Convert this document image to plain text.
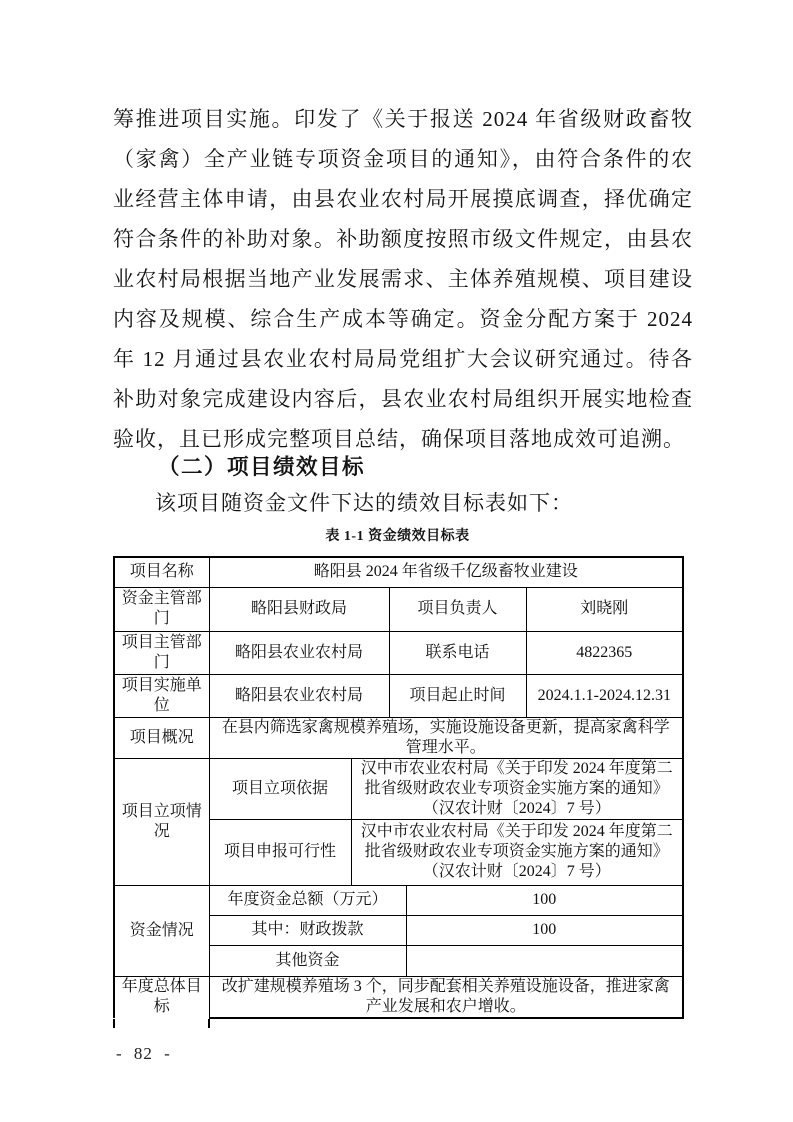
筹推进项目实施。印发了《关于报送 2024 年省级财政畜牧（家禽）全产业链专项资金项目的通知》，由符合条件的农业经营主体申请，由县农业农村局开展摸底调查，择优确定符合条件的补助对象。补助额度按照市级文件规定，由县农业农村局根据当地产业发展需求、主体养殖规模、项目建设内容及规模、综合生产成本等确定。资金分配方案于 2024 年 12 月通过县农业农村局局党组扩大会议研究通过。待各补助对象完成建设内容后，县农业农村局组织开展实地检查验收，且已形成完整项目总结，确保项目落地成效可追溯。

（二）项目绩效目标

该项目随资金文件下达的绩效目标表如下：

表 1-1 资金绩效目标表
项目名称	略阳县 2024 年省级千亿级畜牧业建设				
资金主管部门	略阳县财政局		项目负责人		刘晓刚
项目主管部门	略阳县农业农村局		联系电话		4822365
项目实施单位	略阳县农业农村局		项目起止时间		2024.1.1-2024.12.31
项目概况	在县内筛选家禽规模养殖场，实施设施设备更新，提高家禽科学管理水平。				
项目立项情况	项目立项依据	汉中市农业农村局《关于印发 2024 年度第二批省级财政农业专项资金实施方案的通知》（汉农计财〔2024〕7 号）			
	项目申报可行性	汉中市农业农村局《关于印发 2024 年度第二批省级财政农业专项资金实施方案的通知》（汉农计财〔2024〕7 号）			
资金情况	年度资金总额（万元）			100	
	其中：财政拨款			100	
	其他资金				
年度总体目标	改扩建规模养殖场 3 个，同步配套相关养殖设施设备，推进家禽产业发展和农户增收。				
- 82 -
